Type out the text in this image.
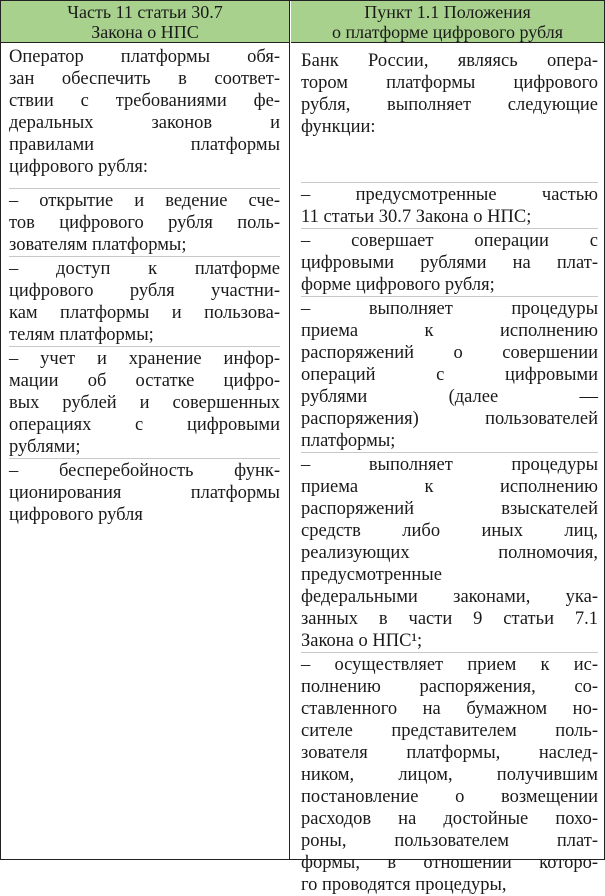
Часть 11 статьи 30.7
Закона о НПС
Пункт 1.1 Положения
о платформе цифрового рубля
Оператор платформы обя-
зан обеспечить в соответ-
ствии с требованиями фе-
деральных законов и
правилами платформы
цифрового рубля:
– открытие и ведение сче-
тов цифрового рубля поль-
зователям платформы;
– доступ к платформе
цифрового рубля участни-
кам платформы и пользова-
телям платформы;
– учет и хранение инфор-
мации об остатке цифро-
вых рублей и совершенных
операциях с цифровыми
рублями;
– бесперебойность функ-
ционирования платформы
цифрового рубля
Банк России, являясь опера-
тором платформы цифрового
рубля, выполняет следующие
функции:
– предусмотренные частью
11 статьи 30.7 Закона о НПС;
– совершает операции с
цифровыми рублями на плат-
форме цифрового рубля;
– выполняет процедуры
приема к исполнению
распоряжений о совершении
операций с цифровыми
рублями (далее —
распоряжения) пользователей
платформы;
– выполняет процедуры
приема к исполнению
распоряжений взыскателей
средств либо иных лиц,
реализующих полномочия,
предусмотренные
федеральными законами, ука-
занных в части 9 статьи 7.1
Закона о НПС¹;
– осуществляет прием к ис-
полнению распоряжения, со-
ставленного на бумажном но-
сителе представителем поль-
зователя платформы, наслед-
ником, лицом, получившим
постановление о возмещении
расходов на достойные похо-
роны, пользователем плат-
формы, в отношении которо-
го проводятся процедуры,
